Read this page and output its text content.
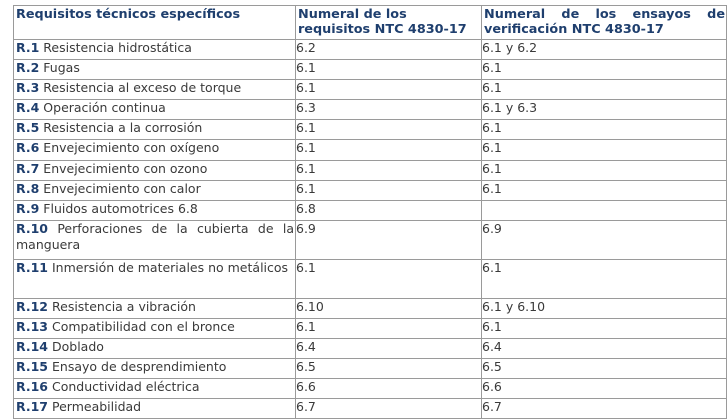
Requisitos técnicos específicos	Numeral de los requisitos NTC 4830-17	Numeral de los ensayos de verificación NTC 4830-17
R.1 Resistencia hidrostática	6.2	6.1 y 6.2
R.2 Fugas	6.1	6.1
R.3 Resistencia al exceso de torque	6.1	6.1
R.4 Operación continua	6.3	6.1 y 6.3
R.5 Resistencia a la corrosión	6.1	6.1
R.6 Envejecimiento con oxígeno	6.1	6.1
R.7 Envejecimiento con ozono	6.1	6.1
R.8 Envejecimiento con calor	6.1	6.1
R.9 Fluidos automotrices 6.8	6.8	
R.10 Perforaciones de la cubierta de la manguera	6.9	6.9
R.11 Inmersión de materiales no metálicos	6.1	6.1
R.12 Resistencia a vibración	6.10	6.1 y 6.10
R.13 Compatibilidad con el bronce	6.1	6.1
R.14 Doblado	6.4	6.4
R.15 Ensayo de desprendimiento	6.5	6.5
R.16 Conductividad eléctrica	6.6	6.6
R.17 Permeabilidad	6.7	6.7
